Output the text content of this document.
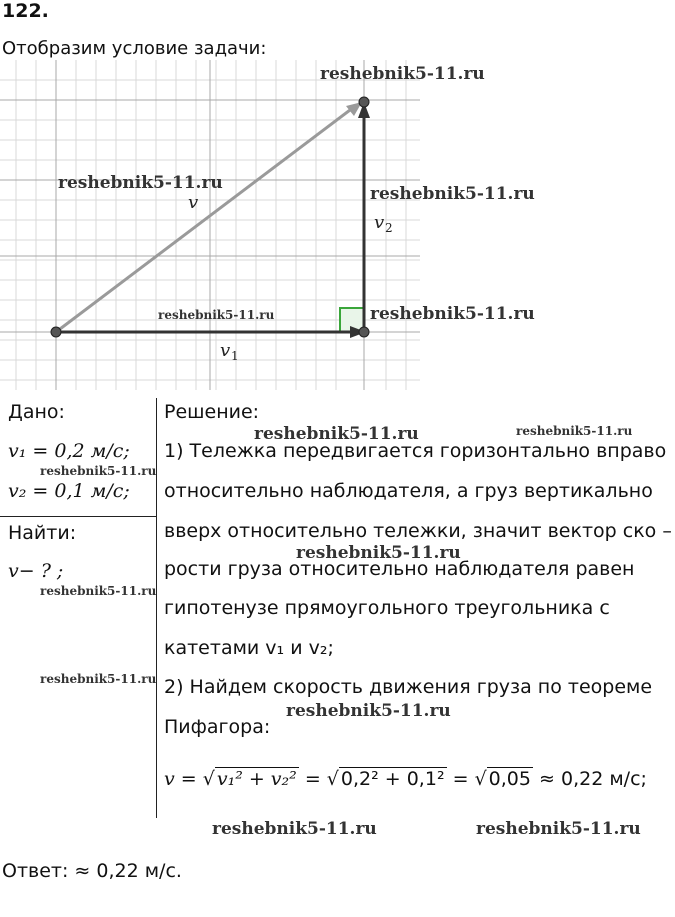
122.
Отобразим условие задачи:
v
v 1
v 2
reshebnik5-11.ru
reshebnik5-11.ru
reshebnik5-11.ru
reshebnik5-11.ru	reshebnik5-11.ru
reshebnik5-11.ru	reshebnik5-11.ru
reshebnik5-11.ru
reshebnik5-11.ru
reshebnik5-11.ru
reshebnik5-11.ru
reshebnik5-11.ru
reshebnik5-11.ru	reshebnik5-11.ru
Дано:
v₁ = 0,2 м/с;
v₂ = 0,1 м/с;
Найти:
v− ? ;
Решение:
1) Тележка передвигается горизонтально вправо
относительно наблюдателя, а груз вертикально
вверх относительно тележки, значит вектор ско –
рости груза относительно наблюдателя равен
гипотенузе прямоугольного треугольника с
катетами v₁ и v₂;
2) Найдем скорость движения груза по теореме
Пифагора:
v = √ v₁² + v₂² = √ 0,2² + 0,1² = √ 0,05 ≈ 0,22 м/с;
Ответ: ≈ 0,22 м/с.
